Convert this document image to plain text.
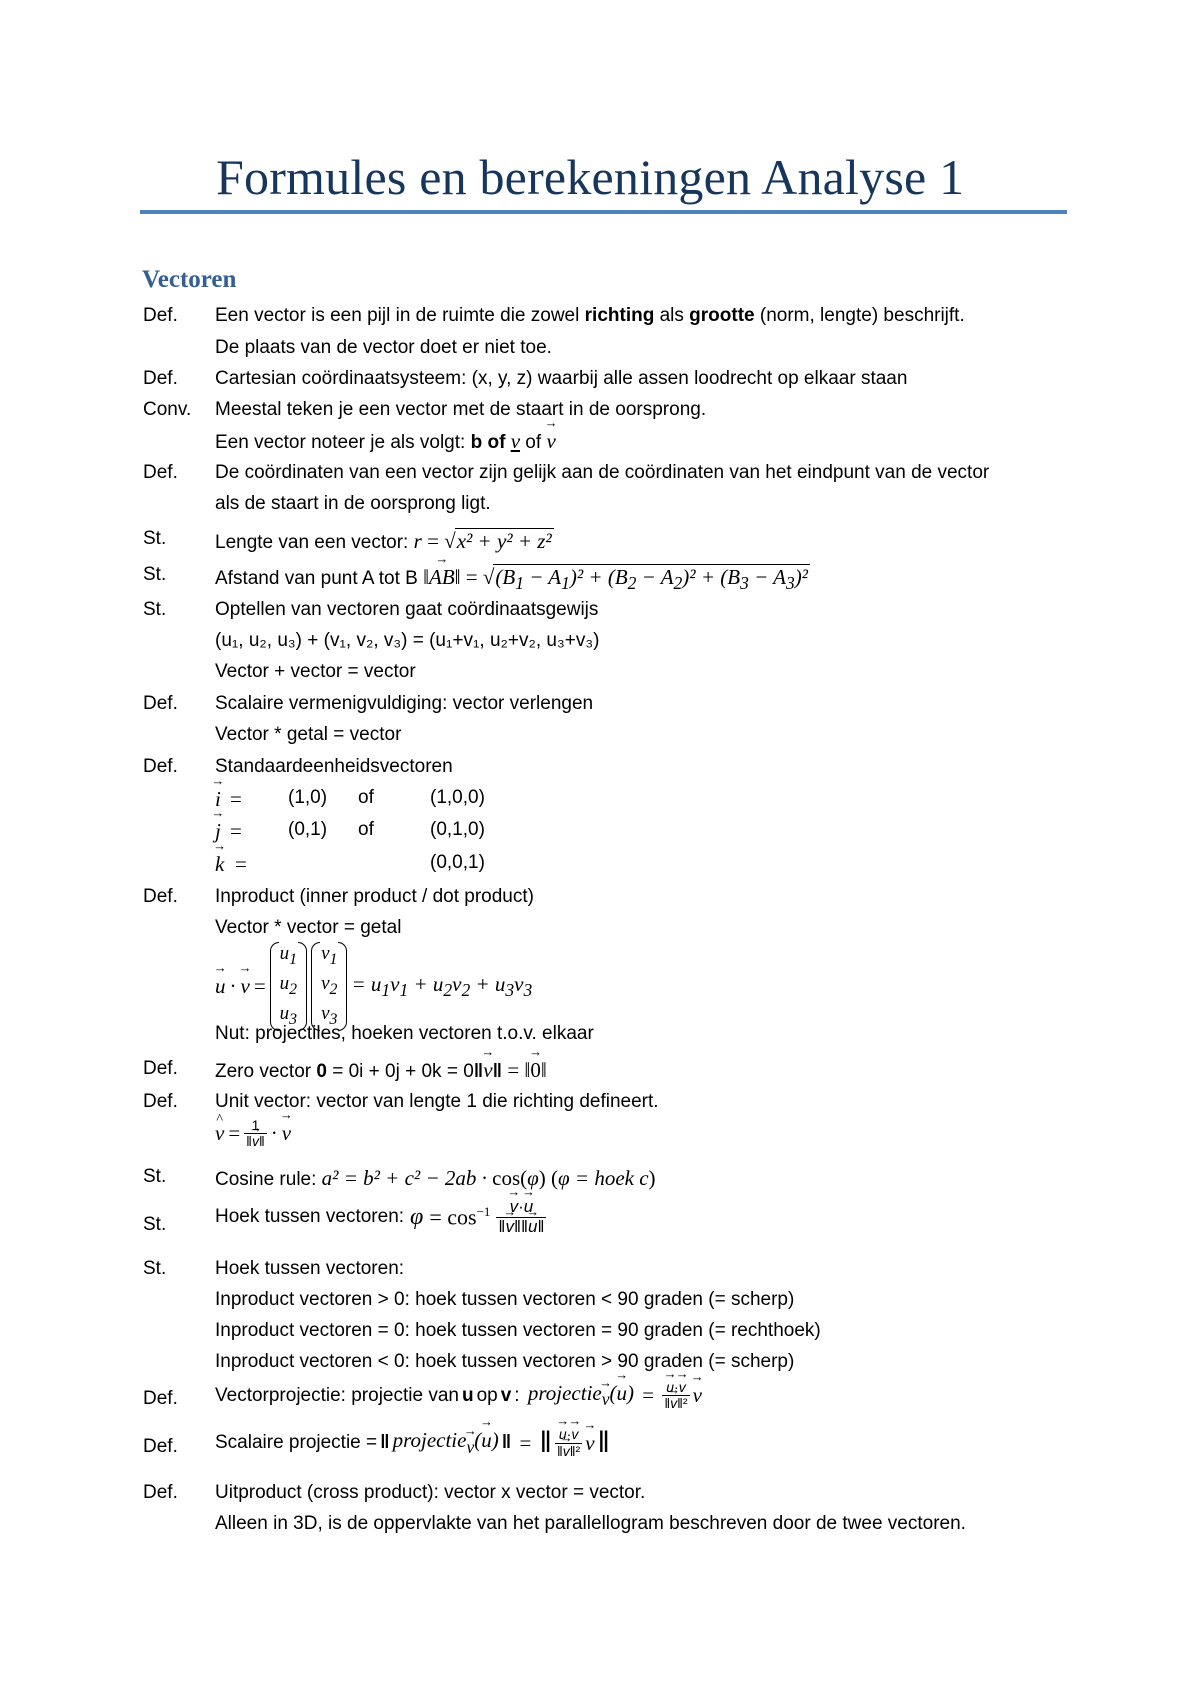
Formules en berekeningen Analyse 1
Vectoren
Def. Een vector is een pijl in de ruimte die zowel richting als grootte (norm, lengte) beschrijft.
De plaats van de vector doet er niet toe.
Def. Cartesian coördinaatsysteem: (x, y, z) waarbij alle assen loodrecht op elkaar staan
Conv. Meestal teken je een vector met de staart in de oorsprong.
Een vector noteer je als volgt: b of v of v →
Def. De coördinaten van een vector zijn gelijk aan de coördinaten van het eindpunt van de vector
als de staart in de oorsprong ligt.
St.	Lengte van een vector: r = √x² + y² + z²
St.	Afstand van punt A tot B ‖AB →‖ = $√(B_1 - A_1)^2 + (B_2 - A_2)^2 + (B_3 - A_3)^2$
St.	Optellen van vectoren gaat coördinaatsgewijs
(u₁, u₂, u₃) + (v₁, v₂, v₃) = (u₁+v₁, u₂+v₂, u₃+v₃)
Vector + vector = vector
Def. Scalaire vermenigvuldiging: vector verlengen
Vector * getal = vector
Def. Standaardeenheidsvectoren
i → = (1,0) of	(1,0,0)
j → = (0,1) of	(0,1,0)
k → =	(0,0,1)
Def. Inproduct (inner product / dot product)
Vector * vector = getal
u → · v → =
$u_1$
$u_2$
$u_3$
$v_1$
$v_2$
$v_3$
= $u_1v_1 + u_2v_2 + u_3v_3$
Nut: projectiles, hoeken vectoren t.o.v. elkaar
Def. Zero vector 0 = 0i + 0j + 0k = 0‖v →‖ = ‖0 →‖
Def. Unit vector: vector van lengte 1 die richting defineert.
v ^ = $\frac{1}{‖v \to‖} \cdot v$ →
St.	Cosine rule: a² = b² + c² − 2ab · cos(φ) (φ = hoek c)
St.	Hoek tussen vectoren: $\varphi = \cos^{-1} \frac{v \to\cdot u \to}{‖v \to‖‖u \to‖}$
St.	Hoek tussen vectoren:
Inproduct vectoren > 0: hoek tussen vectoren < 90 graden (= scherp)
Inproduct vectoren = 0: hoek tussen vectoren = 90 graden (= rechthoek)
Inproduct vectoren < 0: hoek tussen vectoren > 90 graden (= scherp)
Def. Vectorprojectie: projectie van u op v : projectie$_v$ →(u →) = $\frac{u \to\cdot v \to}{\text{‖v →‖²}}$ v →
Def. Scalaire projectie = ‖ projectie$_v$ →(u →) ‖ = ‖ $\frac{u \to\cdot v \to}{\text{‖v →‖²}}$ v → ‖
Def. Uitproduct (cross product): vector x vector = vector.
Alleen in 3D, is de oppervlakte van het parallellogram beschreven door de twee vectoren.
